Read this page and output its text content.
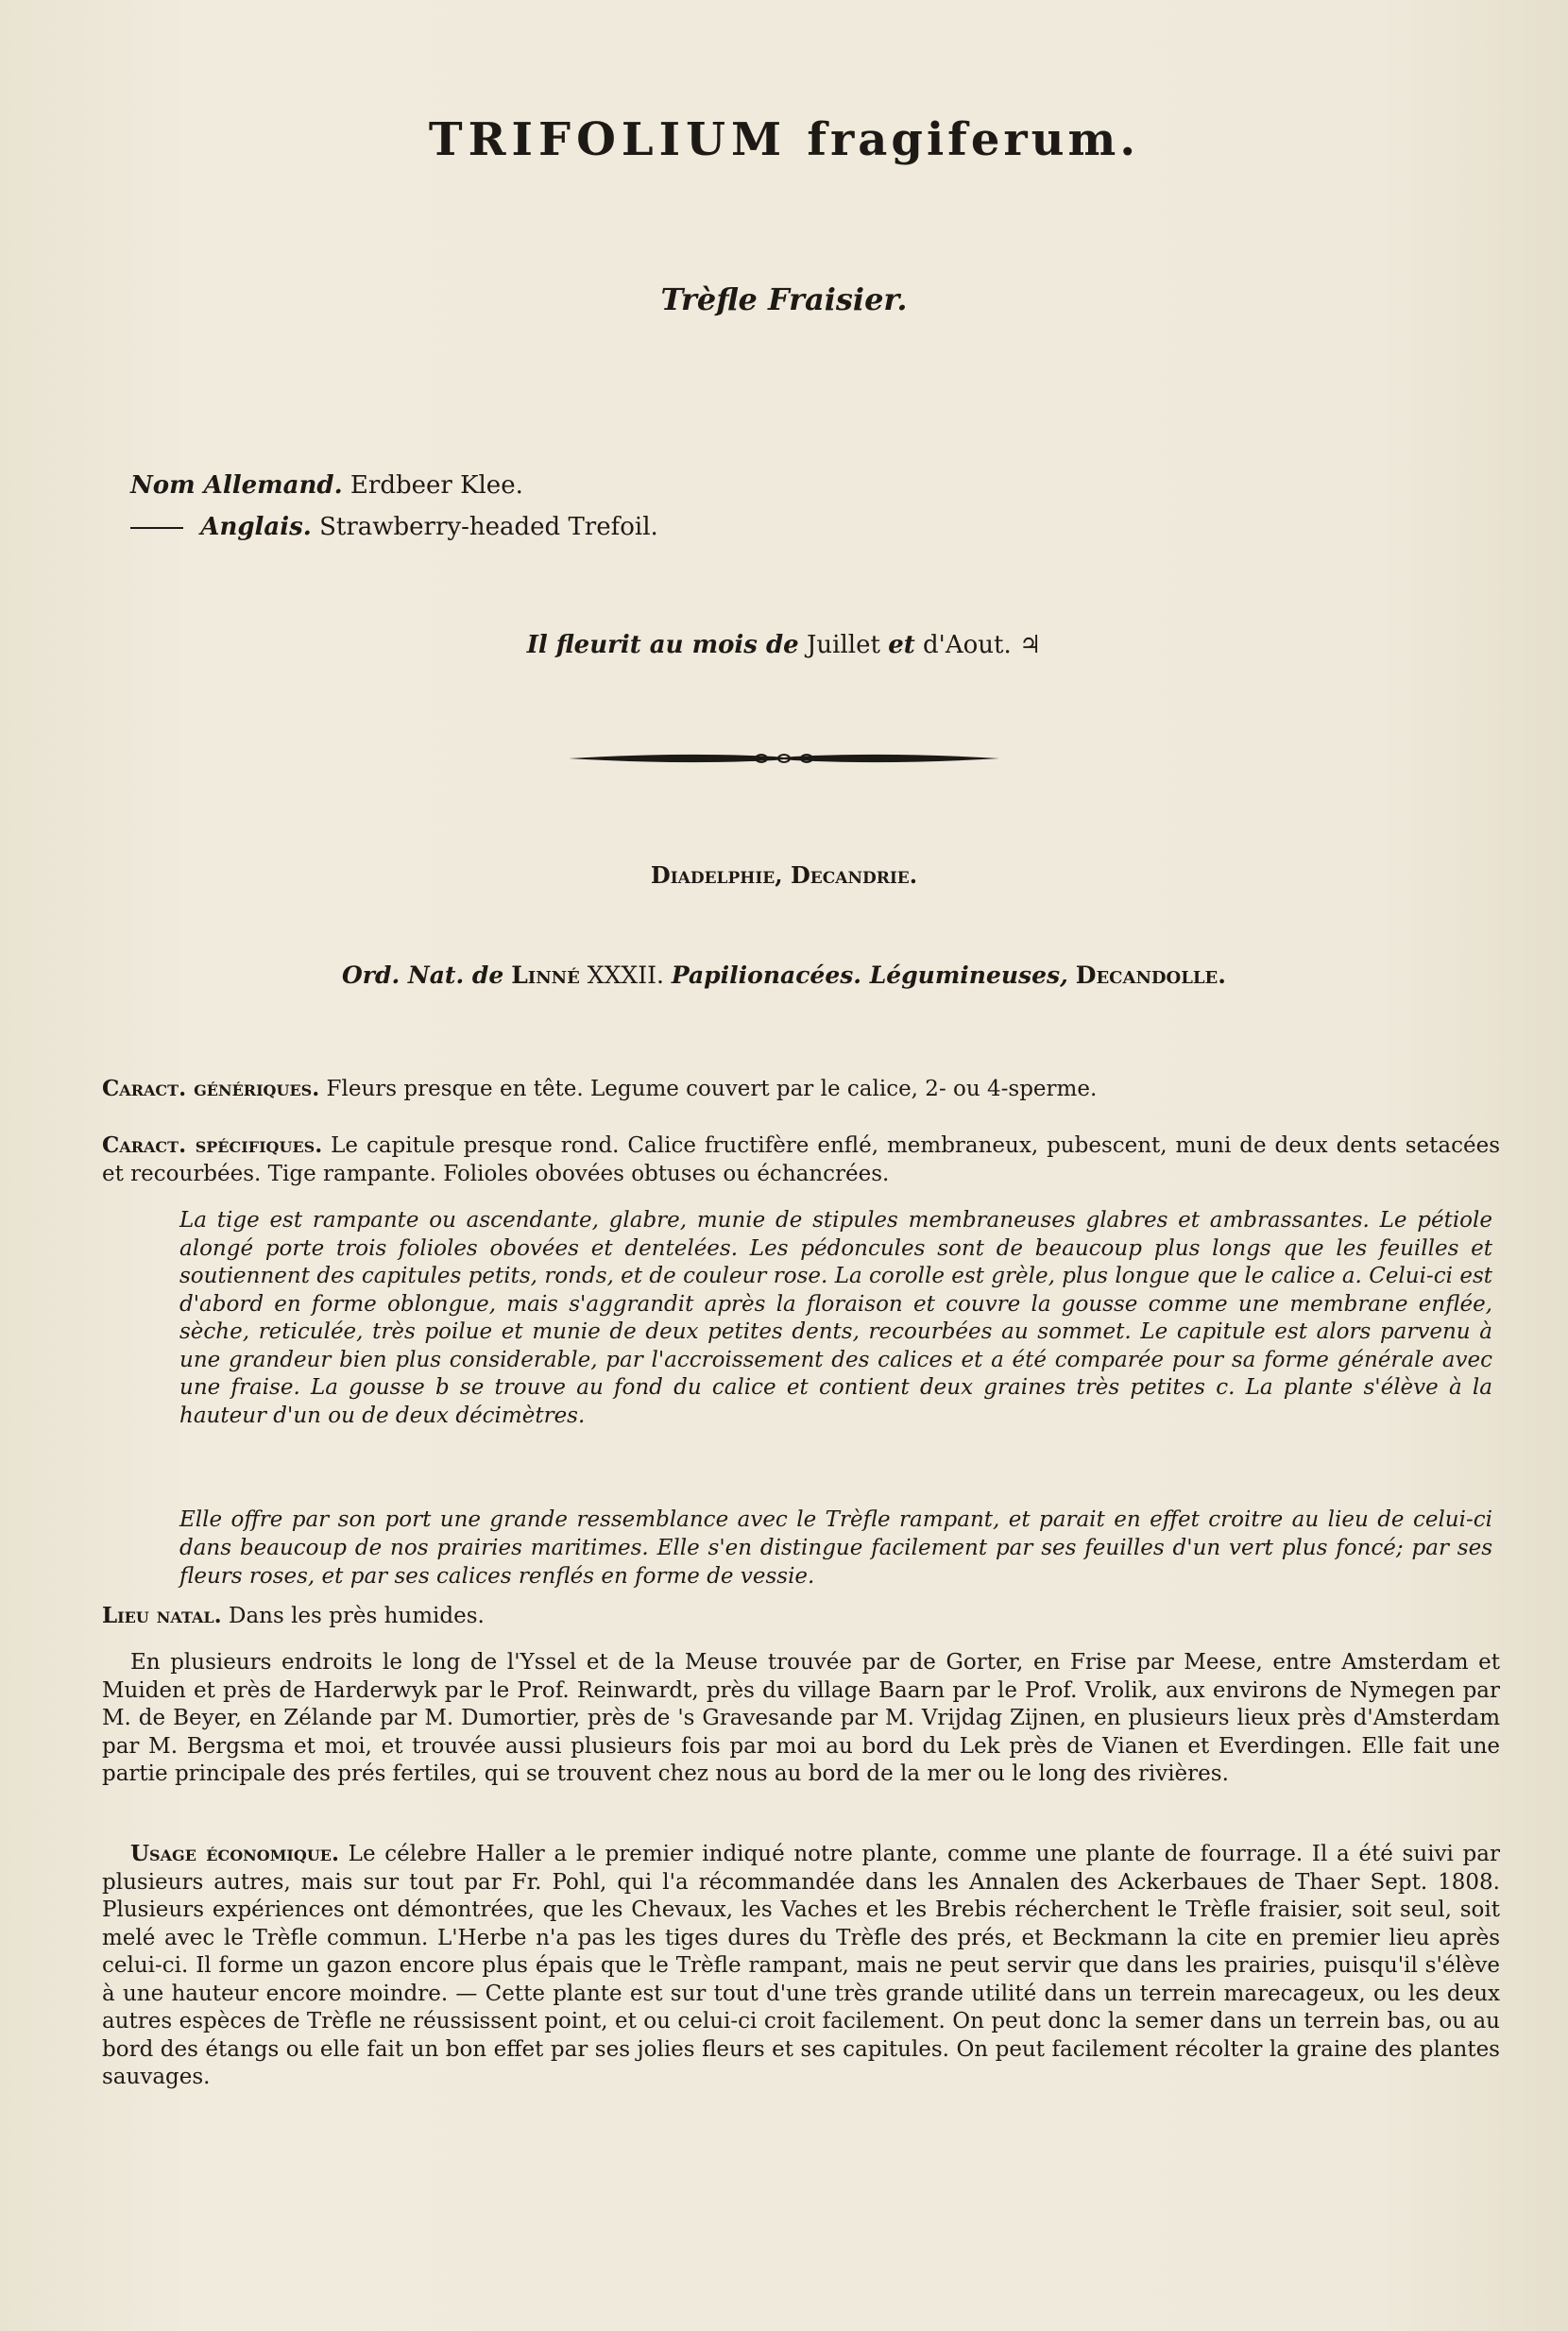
TRIFOLIUM fragiferum.
Trèfle Fraisier.
Nom Allemand. Erdbeer Klee.
Anglais. Strawberry-headed Trefoil.
Il fleurit au mois de Juillet et d'Aout. ♃
Diadelphie, Decandrie.
Ord. Nat. de Linné XXXII. Papilionacées. Légumineuses, Decandolle.

Caract. génériques. Fleurs presque en tête. Legume couvert par le calice, 2- ou 4-sperme.

Caract. spécifiques. Le capitule presque rond. Calice fructifère enflé, membraneux, pubescent, muni de deux dents setacées et recourbées. Tige rampante. Folioles obovées obtuses ou échancrées.

La tige est rampante ou ascendante, glabre, munie de stipules membraneuses glabres et ambrassantes. Le pétiole alongé porte trois folioles obovées et dentelées. Les pédoncules sont de beaucoup plus longs que les feuilles et soutiennent des capitules petits, ronds, et de couleur rose. La corolle est grèle, plus longue que le calice a. Celui-ci est d'abord en forme oblongue, mais s'aggrandit après la floraison et couvre la gousse comme une membrane enflée, sèche, reticulée, très poilue et munie de deux petites dents, recourbées au sommet. Le capitule est alors parvenu à une grandeur bien plus considerable, par l'accroissement des calices et a été comparée pour sa forme générale avec une fraise. La gousse b se trouve au fond du calice et contient deux graines très petites c. La plante s'élève à la hauteur d'un ou de deux décimètres.

Elle offre par son port une grande ressemblance avec le Trèfle rampant, et parait en effet croitre au lieu de celui-ci dans beaucoup de nos prairies maritimes. Elle s'en distingue facilement par ses feuilles d'un vert plus foncé; par ses fleurs roses, et par ses calices renflés en forme de vessie.

Lieu natal. Dans les près humides.

En plusieurs endroits le long de l'Yssel et de la Meuse trouvée par de Gorter, en Frise par Meese, entre Amsterdam et Muiden et près de Harderwyk par le Prof. Reinwardt, près du village Baarn par le Prof. Vrolik, aux environs de Nymegen par M. de Beyer, en Zélande par M. Dumortier, près de 's Gravesande par M. Vrijdag Zijnen, en plusieurs lieux près d'Amsterdam par M. Bergsma et moi, et trouvée aussi plusieurs fois par moi au bord du Lek près de Vianen et Everdingen. Elle fait une partie principale des prés fertiles, qui se trouvent chez nous au bord de la mer ou le long des rivières.

Usage économique. Le célebre Haller a le premier indiqué notre plante, comme une plante de fourrage. Il a été suivi par plusieurs autres, mais sur tout par Fr. Pohl, qui l'a récommandée dans les Annalen des Ackerbaues de Thaer Sept. 1808. Plusieurs expériences ont démontrées, que les Chevaux, les Vaches et les Brebis récherchent le Trèfle fraisier, soit seul, soit melé avec le Trèfle commun. L'Herbe n'a pas les tiges dures du Trèfle des prés, et Beckmann la cite en premier lieu après celui-ci. Il forme un gazon encore plus épais que le Trèfle rampant, mais ne peut servir que dans les prairies, puisqu'il s'élève à une hauteur encore moindre. — Cette plante est sur tout d'une très grande utilité dans un terrein marecageux, ou les deux autres espèces de Trèfle ne réussissent point, et ou celui-ci croit facilement. On peut donc la semer dans un terrein bas, ou au bord des étangs ou elle fait un bon effet par ses jolies fleurs et ses capitules. On peut facilement récolter la graine des plantes sauvages.
